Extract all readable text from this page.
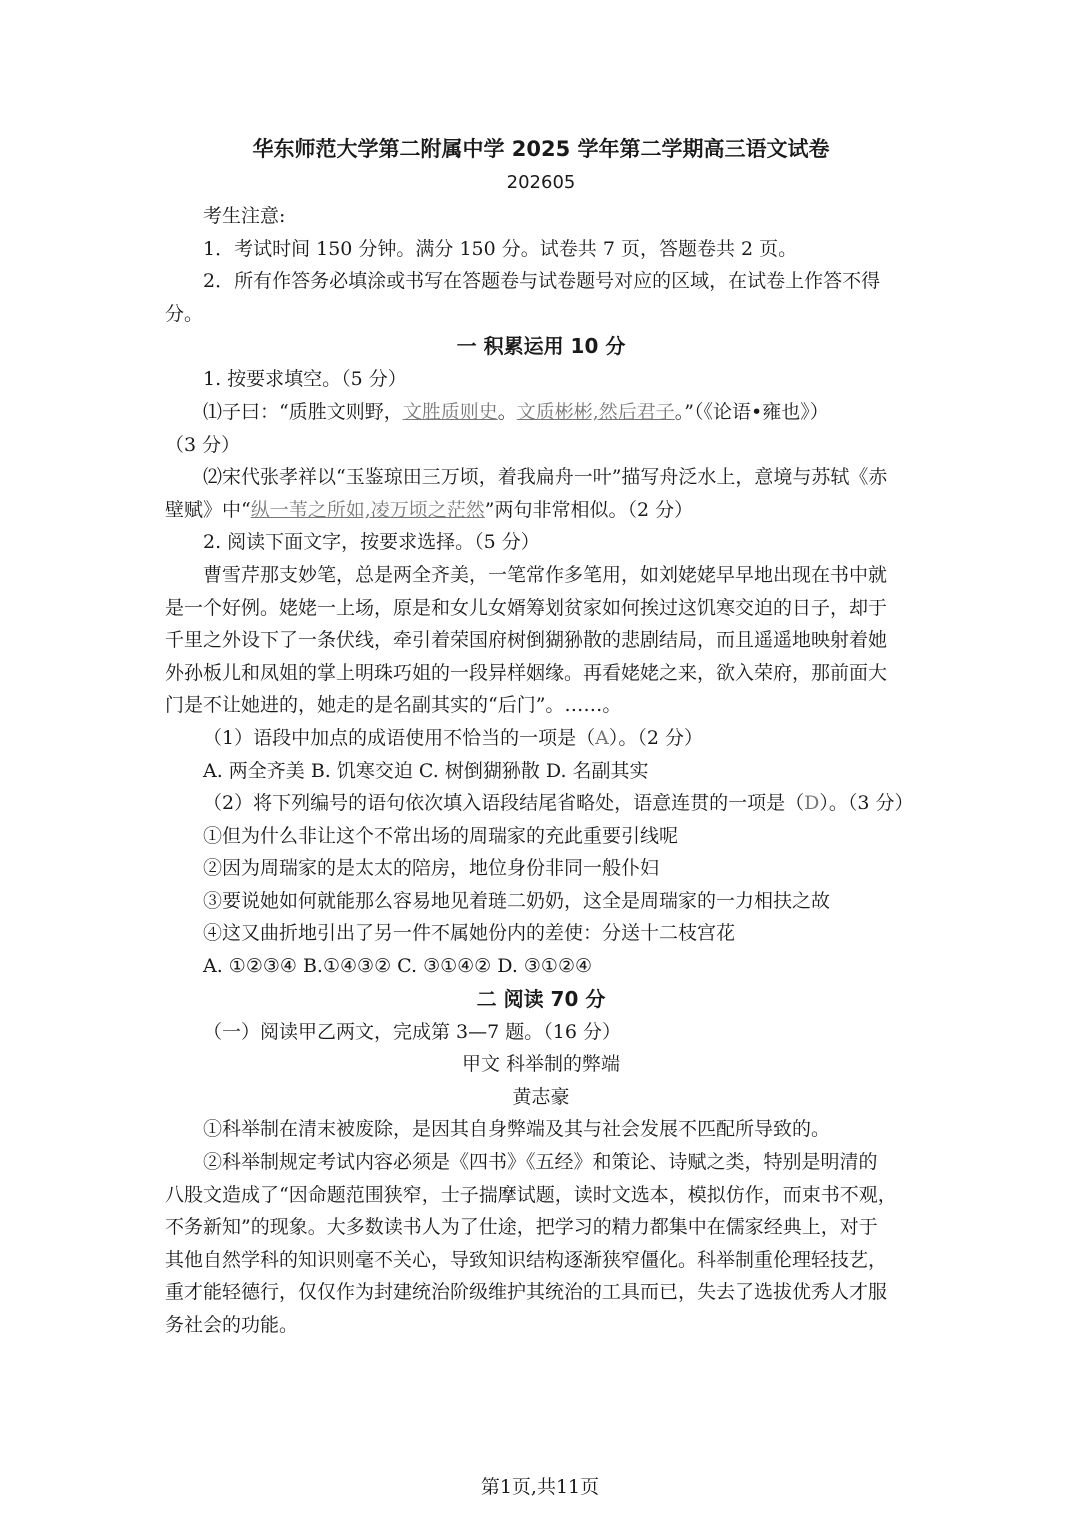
华东师范大学第二附属中学 2025 学年第二学期高三语文试卷
202605
考生注意:
1．考试时间 150 分钟。满分 150 分。试卷共 7 页，答题卷共 2 页。
2．所有作答务必填涂或书写在答题卷与试卷题号对应的区域，在试卷上作答不得
分。
一 积累运用 10 分
1. 按要求填空。（5 分）
⑴子曰：“质胜文则野，文胜质则史。文质彬彬,然后君子。”（《论语•雍也》）
（3 分）
⑵宋代张孝祥以“玉鉴琼田三万顷，着我扁舟一叶”描写舟泛水上，意境与苏轼《赤
壁赋》中“纵一苇之所如,凌万顷之茫然”两句非常相似。（2 分）
2. 阅读下面文字，按要求选择。（5 分）
曹雪芹那支妙笔，总是两全齐美，一笔常作多笔用，如刘姥姥早早地出现在书中就
是一个好例。姥姥一上场，原是和女儿女婿筹划贫家如何挨过这饥寒交迫的日子，却于
千里之外设下了一条伏线，牵引着荣国府树倒猢狲散的悲剧结局，而且遥遥地映射着她
外孙板儿和凤姐的掌上明珠巧姐的一段异样姻缘。再看姥姥之来，欲入荣府，那前面大
门是不让她进的，她走的是名副其实的“后门”。……。
（1）语段中加点的成语使用不恰当的一项是（A）。（2 分）
A. 两全齐美 B. 饥寒交迫 C. 树倒猢狲散 D. 名副其实
（2）将下列编号的语句依次填入语段结尾省略处，语意连贯的一项是（D）。（3 分）
①但为什么非让这个不常出场的周瑞家的充此重要引线呢
②因为周瑞家的是太太的陪房，地位身份非同一般仆妇
③要说她如何就能那么容易地见着琏二奶奶，这全是周瑞家的一力相扶之故
④这又曲折地引出了另一件不属她份内的差使：分送十二枝宫花
A. ①②③④ B.①④③② C. ③①④② D. ③①②④
二 阅读 70 分
（一）阅读甲乙两文，完成第 3—7 题。（16 分）
甲文 科举制的弊端
黄志豪
①科举制在清末被废除，是因其自身弊端及其与社会发展不匹配所导致的。
②科举制规定考试内容必须是《四书》《五经》和策论、诗赋之类，特别是明清的
八股文造成了“因命题范围狭窄，士子揣摩试题，读时文选本，模拟仿作，而束书不观，
不务新知”的现象。大多数读书人为了仕途，把学习的精力都集中在儒家经典上，对于
其他自然学科的知识则毫不关心，导致知识结构逐渐狭窄僵化。科举制重伦理轻技艺，
重才能轻德行，仅仅作为封建统治阶级维护其统治的工具而已，失去了选拔优秀人才服
务社会的功能。
第1页,共11页
